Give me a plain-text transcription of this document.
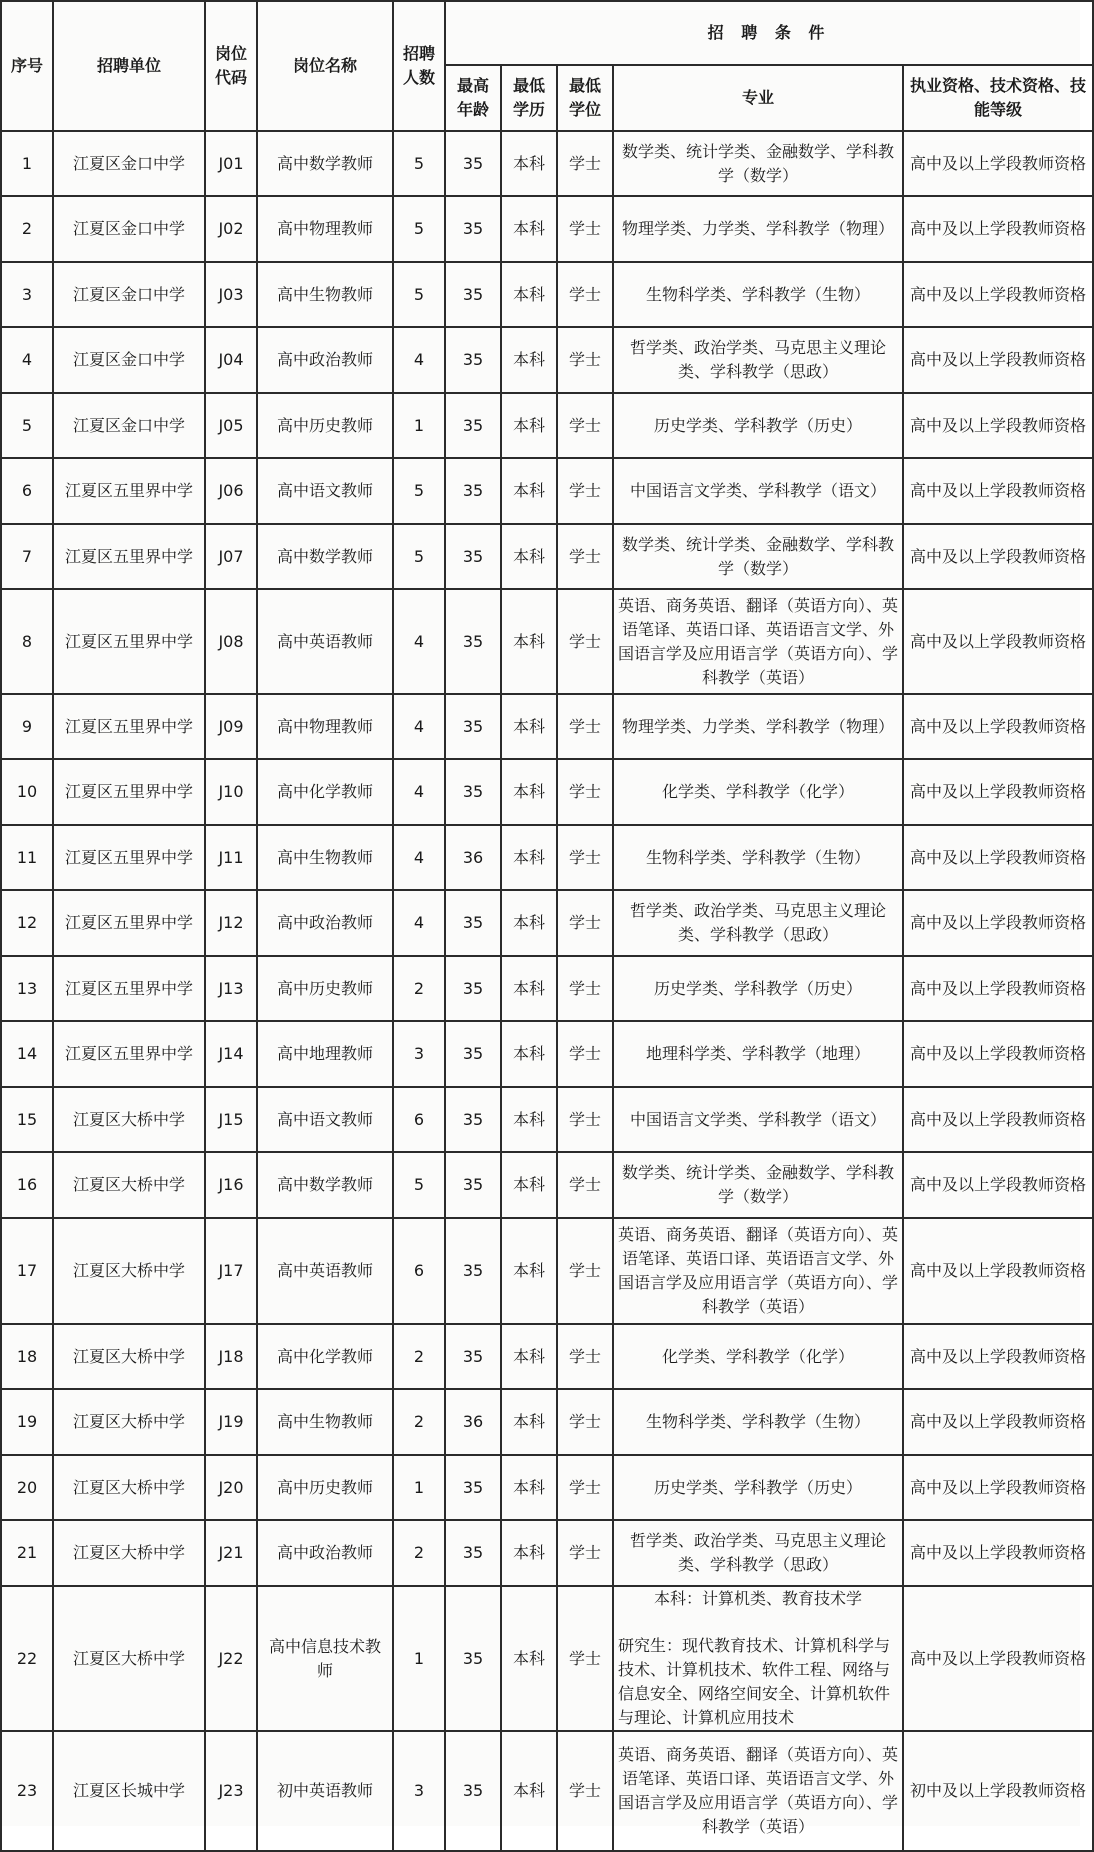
序号	招聘单位	岗位代码	岗位名称	招聘人数	招 聘 条 件				
					最高年龄	最低学历	最低学位	专业	执业资格、技术资格、技能等级
1	江夏区金口中学	J01	高中数学教师	5	35	本科	学士	数学类、统计学类、金融数学、学科教学（数学）	高中及以上学段教师资格
2	江夏区金口中学	J02	高中物理教师	5	35	本科	学士	物理学类、力学类、学科教学（物理）	高中及以上学段教师资格
3	江夏区金口中学	J03	高中生物教师	5	35	本科	学士	生物科学类、学科教学（生物）	高中及以上学段教师资格
4	江夏区金口中学	J04	高中政治教师	4	35	本科	学士	哲学类、政治学类、马克思主义理论类、学科教学（思政）	高中及以上学段教师资格
5	江夏区金口中学	J05	高中历史教师	1	35	本科	学士	历史学类、学科教学（历史）	高中及以上学段教师资格
6	江夏区五里界中学	J06	高中语文教师	5	35	本科	学士	中国语言文学类、学科教学（语文）	高中及以上学段教师资格
7	江夏区五里界中学	J07	高中数学教师	5	35	本科	学士	数学类、统计学类、金融数学、学科教学（数学）	高中及以上学段教师资格
8	江夏区五里界中学	J08	高中英语教师	4	35	本科	学士	英语、商务英语、翻译（英语方向）、英语笔译、英语口译、英语语言文学、外国语言学及应用语言学（英语方向）、学科教学（英语）	高中及以上学段教师资格
9	江夏区五里界中学	J09	高中物理教师	4	35	本科	学士	物理学类、力学类、学科教学（物理）	高中及以上学段教师资格
10	江夏区五里界中学	J10	高中化学教师	4	35	本科	学士	化学类、学科教学（化学）	高中及以上学段教师资格
11	江夏区五里界中学	J11	高中生物教师	4	36	本科	学士	生物科学类、学科教学（生物）	高中及以上学段教师资格
12	江夏区五里界中学	J12	高中政治教师	4	35	本科	学士	哲学类、政治学类、马克思主义理论类、学科教学（思政）	高中及以上学段教师资格
13	江夏区五里界中学	J13	高中历史教师	2	35	本科	学士	历史学类、学科教学（历史）	高中及以上学段教师资格
14	江夏区五里界中学	J14	高中地理教师	3	35	本科	学士	地理科学类、学科教学（地理）	高中及以上学段教师资格
15	江夏区大桥中学	J15	高中语文教师	6	35	本科	学士	中国语言文学类、学科教学（语文）	高中及以上学段教师资格
16	江夏区大桥中学	J16	高中数学教师	5	35	本科	学士	数学类、统计学类、金融数学、学科教学（数学）	高中及以上学段教师资格
17	江夏区大桥中学	J17	高中英语教师	6	35	本科	学士	英语、商务英语、翻译（英语方向）、英语笔译、英语口译、英语语言文学、外国语言学及应用语言学（英语方向）、学科教学（英语）	高中及以上学段教师资格
18	江夏区大桥中学	J18	高中化学教师	2	35	本科	学士	化学类、学科教学（化学）	高中及以上学段教师资格
19	江夏区大桥中学	J19	高中生物教师	2	36	本科	学士	生物科学类、学科教学（生物）	高中及以上学段教师资格
20	江夏区大桥中学	J20	高中历史教师	1	35	本科	学士	历史学类、学科教学（历史）	高中及以上学段教师资格
21	江夏区大桥中学	J21	高中政治教师	2	35	本科	学士	哲学类、政治学类、马克思主义理论类、学科教学（思政）	高中及以上学段教师资格
22	江夏区大桥中学	J22	高中信息技术教师	1	35	本科	学士	本科：计算机类、教育技术学
研究生：现代教育技术、计算机科学与技术、计算机技术、软件工程、网络与信息安全、网络空间安全、计算机软件与理论、计算机应用技术	高中及以上学段教师资格
23	江夏区长城中学	J23	初中英语教师	3	35	本科	学士	英语、商务英语、翻译（英语方向）、英语笔译、英语口译、英语语言文学、外国语言学及应用语言学（英语方向）、学科教学（英语）	初中及以上学段教师资格
